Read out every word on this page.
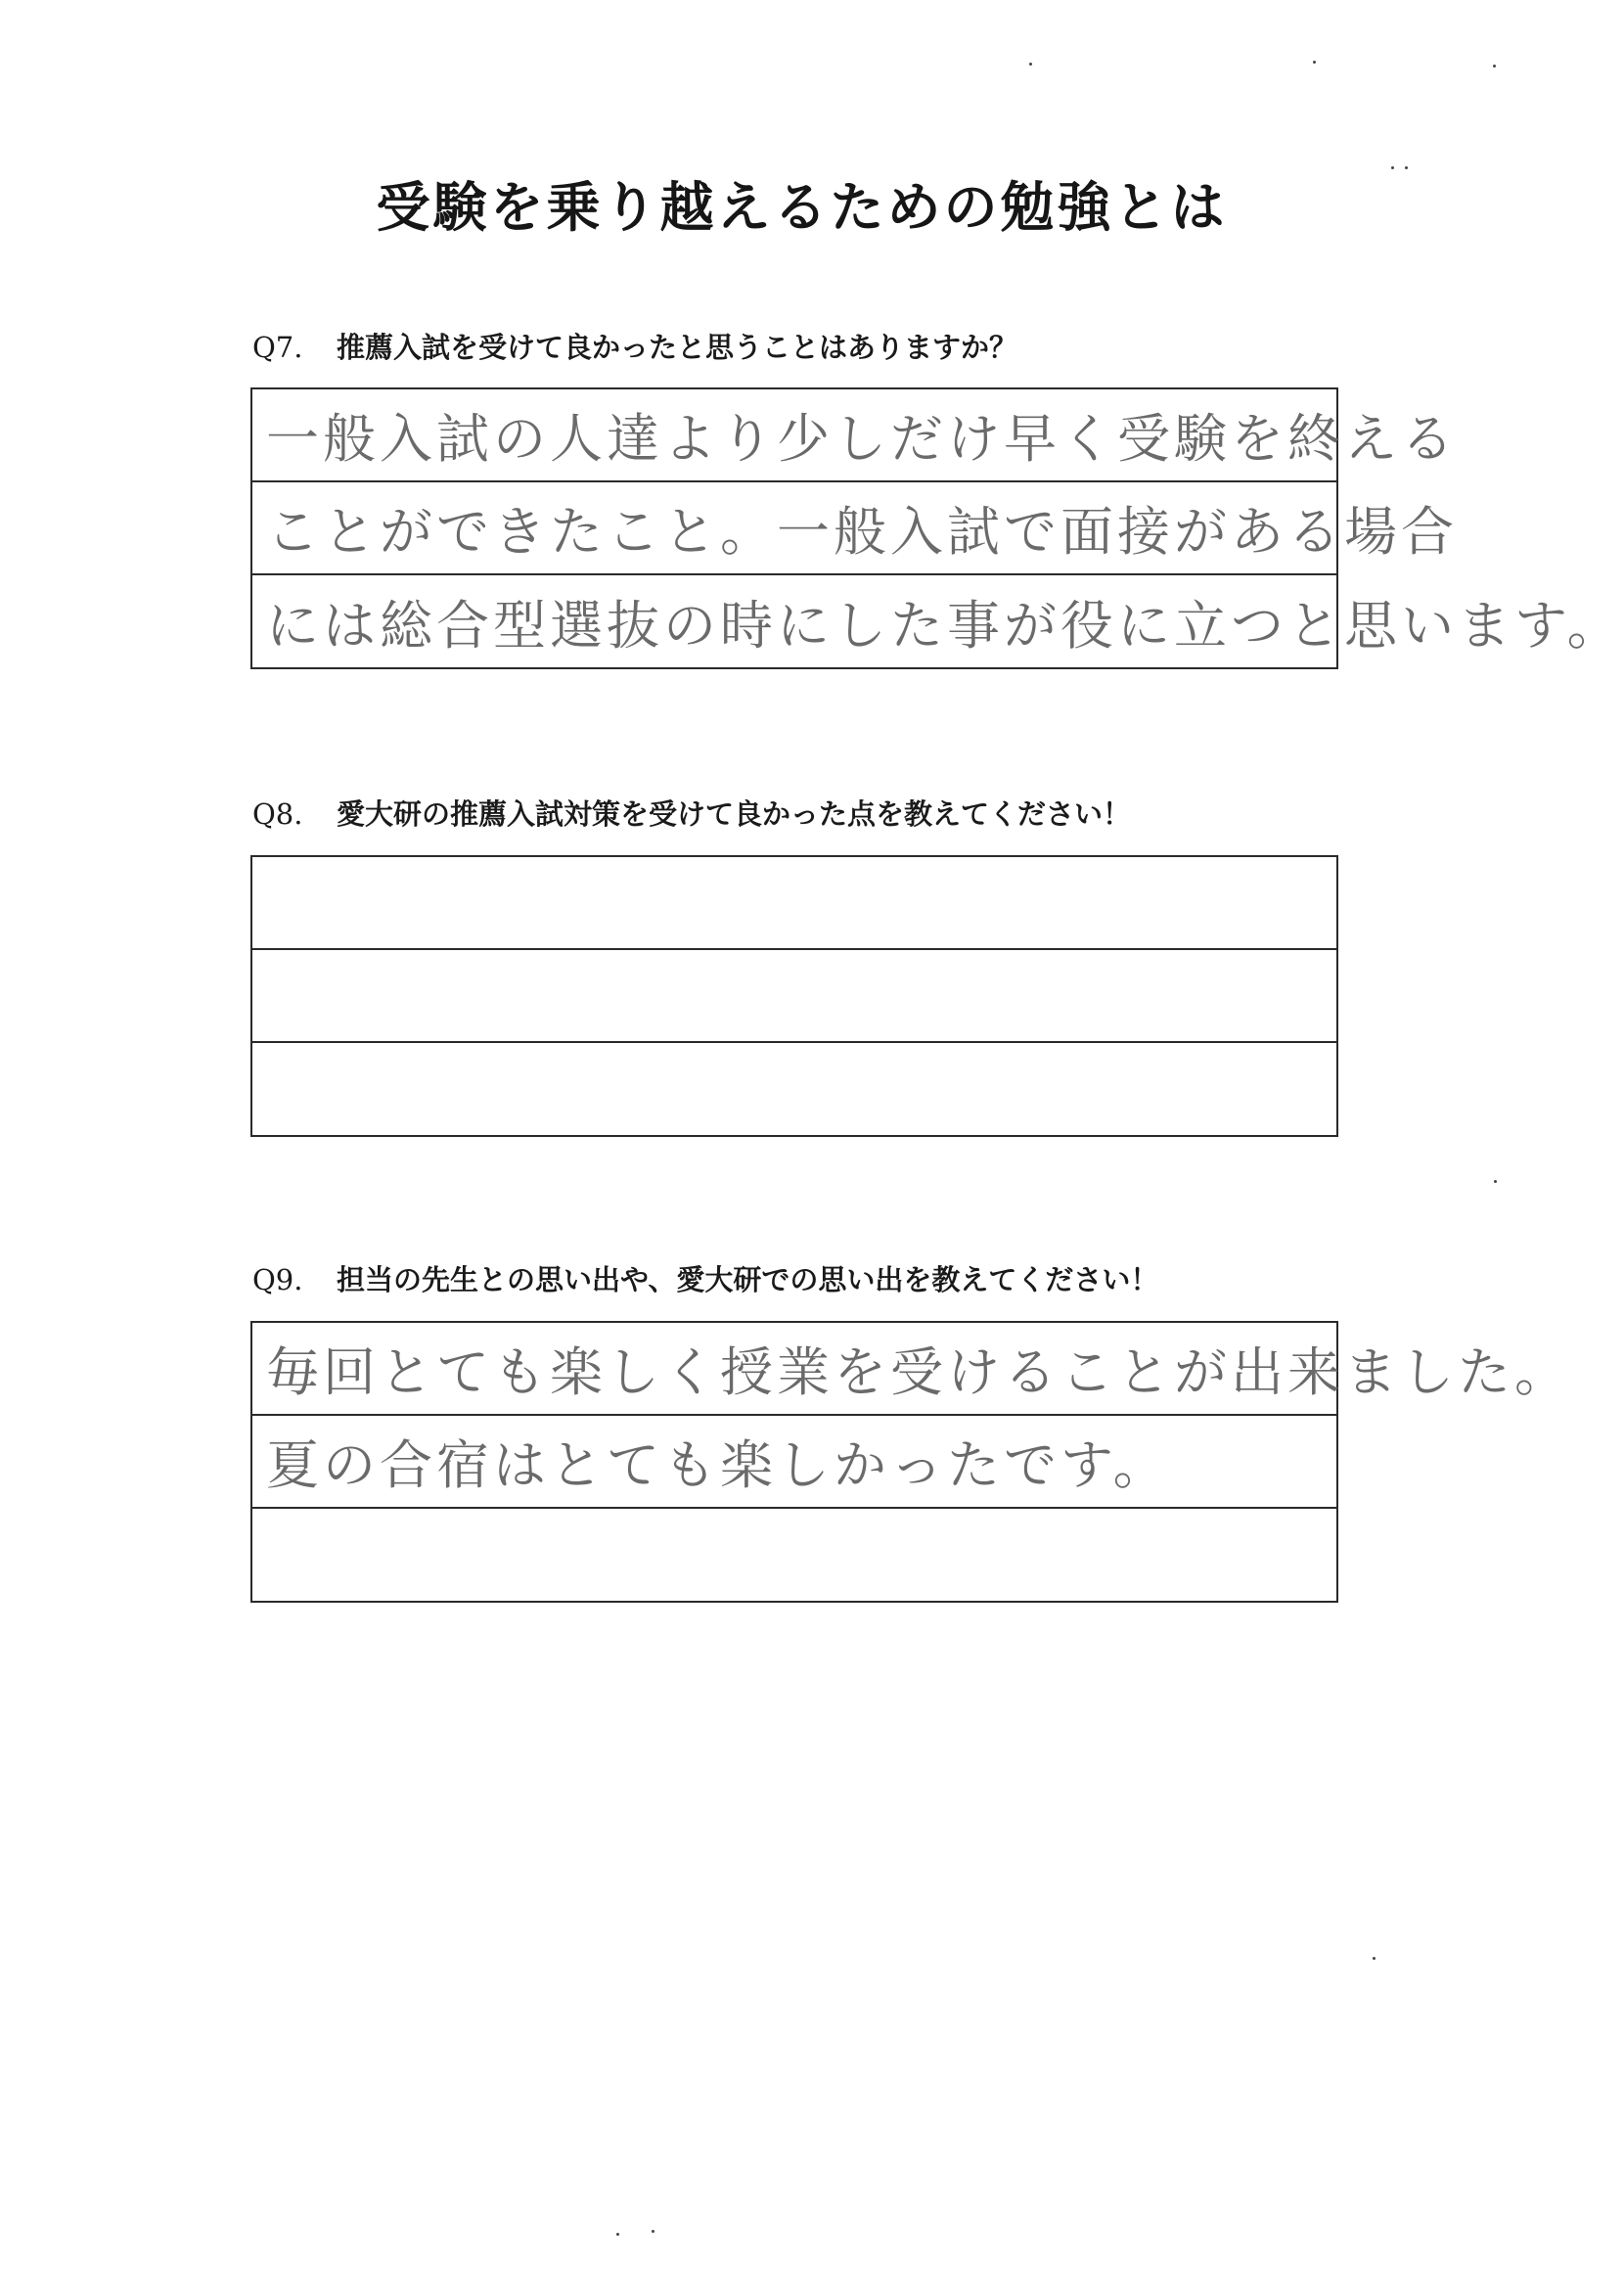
受験を乗り越えるための勉強とは
Q7. 推薦入試を受けて良かったと思うことはありますか？
一般入試の人達より少しだけ早く受験を終える
ことができたこと。一般入試で面接がある場合
には総合型選抜の時にした事が役に立つと思います。
Q8. 愛大研の推薦入試対策を受けて良かった点を教えてください！
Q9. 担当の先生との思い出や、愛大研での思い出を教えてください！
毎回とても楽しく授業を受けることが出来ました。
夏の合宿はとても楽しかったです。
